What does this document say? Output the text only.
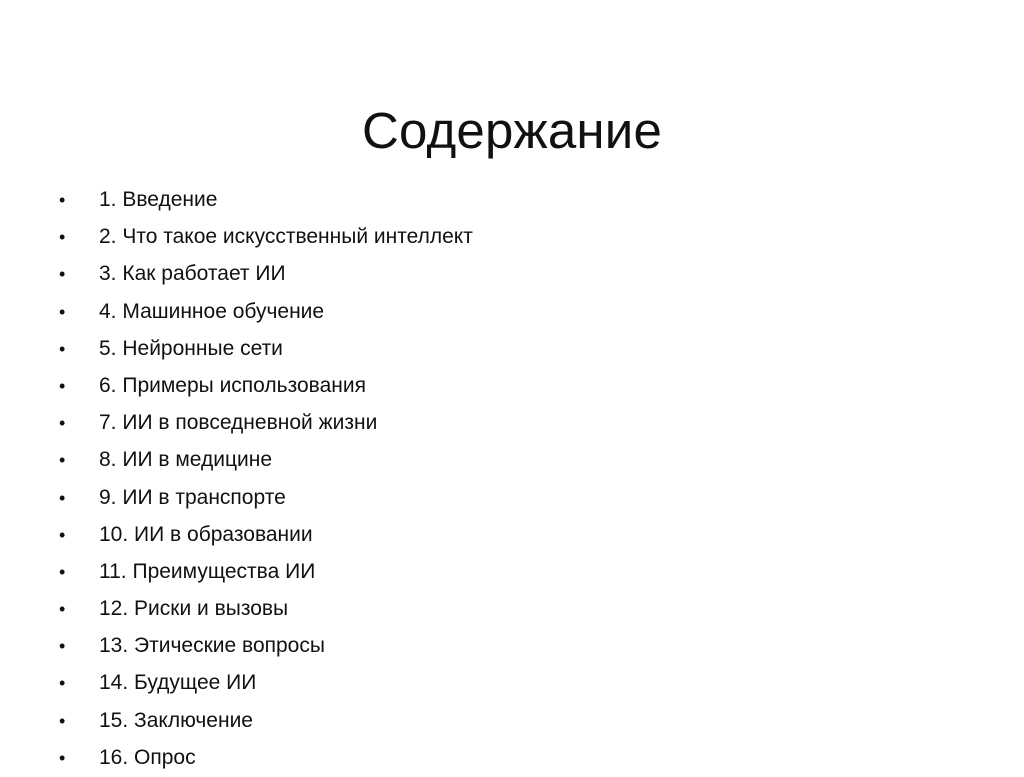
Содержание
•	1. Введение
•	2. Что такое искусственный интеллект
•	3. Как работает ИИ
•	4. Машинное обучение
•	5. Нейронные сети
•	6. Примеры использования
•	7. ИИ в повседневной жизни
•	8. ИИ в медицине
•	9. ИИ в транспорте
•	10. ИИ в образовании
•	11. Преимущества ИИ
•	12. Риски и вызовы
•	13. Этические вопросы
•	14. Будущее ИИ
•	15. Заключение
•	16. Опрос
